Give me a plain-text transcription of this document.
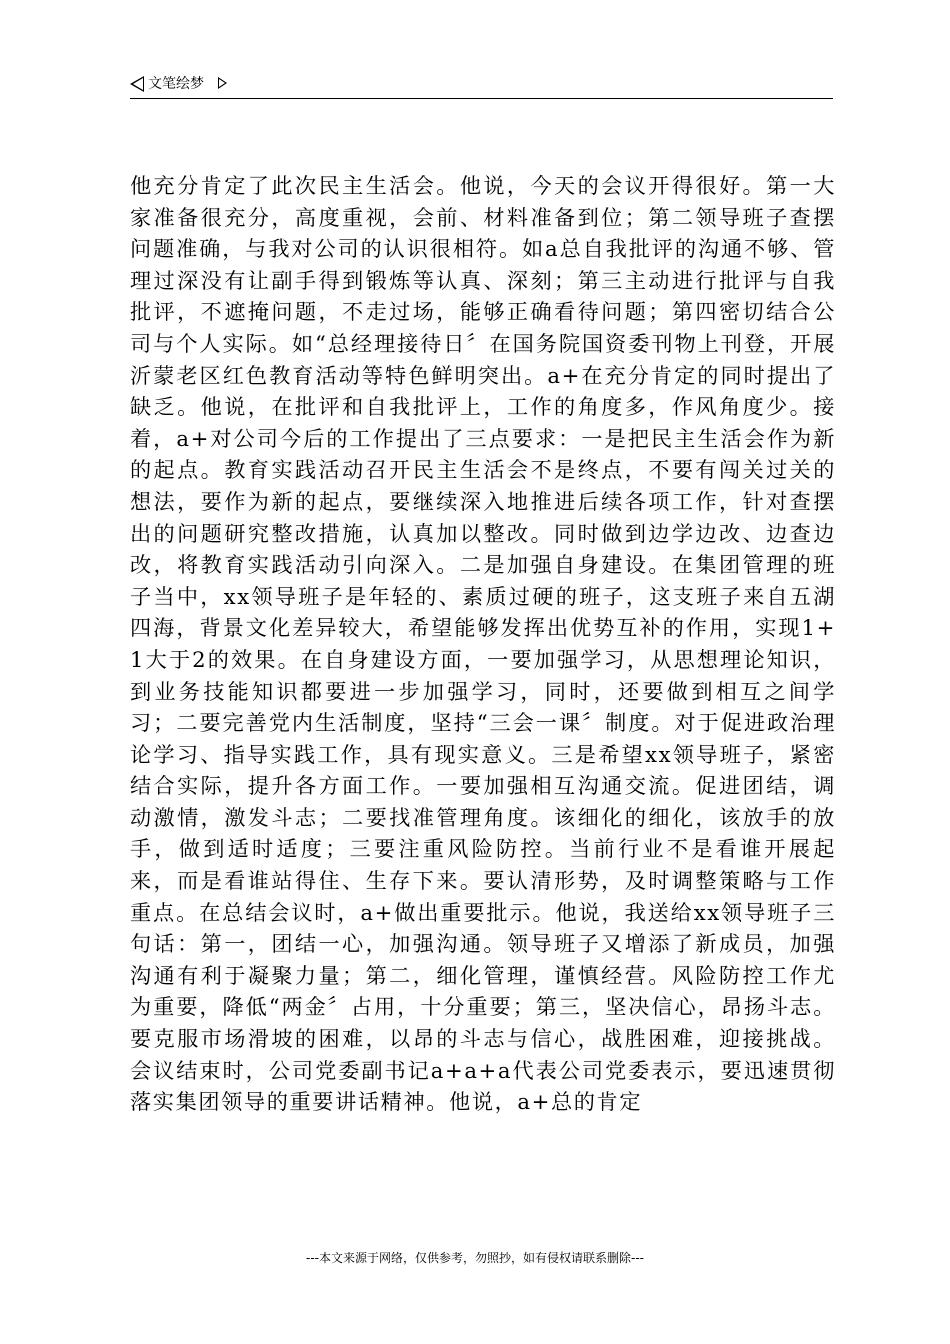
文笔绘梦

他充分肯定了此次民主生活会。他说，今天的会议开得很好。第一大家准备很充分，高度重视，会前、材料准备到位；第二领导班子查摆问题准确，与我对公司的认识很相符。如a总自我批评的沟通不够、管理过深没有让副手得到锻炼等认真、深刻；第三主动进行批评与自我批评，不遮掩问题，不走过场，能够正确看待问题；第四密切结合公司与个人实际。如“总经理接待日〞在国务院国资委刊物上刊登，开展沂蒙老区红色教育活动等特色鲜明突出。a+在充分肯定的同时提出了缺乏。他说，在批评和自我批评上，工作的角度多，作风角度少。接着，a+对公司今后的工作提出了三点要求：一是把民主生活会作为新的起点。教育实践活动召开民主生活会不是终点，不要有闯关过关的想法，要作为新的起点，要继续深入地推进后续各项工作，针对查摆出的问题研究整改措施，认真加以整改。同时做到边学边改、边查边改，将教育实践活动引向深入。二是加强自身建设。在集团管理的班子当中，xx领导班子是年轻的、素质过硬的班子，这支班子来自五湖四海，背景文化差异较大，希望能够发挥出优势互补的作用，实现1+1大于2的效果。在自身建设方面，一要加强学习，从思想理论知识，到业务技能知识都要进一步加强学习，同时，还要做到相互之间学习；二要完善党内生活制度，坚持“三会一课〞制度。对于促进政治理论学习、指导实践工作，具有现实意义。三是希望xx领导班子，紧密结合实际，提升各方面工作。一要加强相互沟通交流。促进团结，调动激情，激发斗志；二要找准管理角度。该细化的细化，该放手的放手，做到适时适度；三要注重风险防控。当前行业不是看谁开展起来，而是看谁站得住、生存下来。要认清形势，及时调整策略与工作重点。在总结会议时，a+做出重要批示。他说，我送给xx领导班子三句话：第一，团结一心，加强沟通。领导班子又增添了新成员，加强沟通有利于凝聚力量；第二，细化管理，谨慎经营。风险防控工作尤为重要，降低“两金〞占用，十分重要；第三，坚决信心，昂扬斗志。要克服市场滑坡的困难，以昂的斗志与信心，战胜困难，迎接挑战。会议结束时，公司党委副书记a+a+a代表公司党委表示，要迅速贯彻落实集团领导的重要讲话精神。他说，a+总的肯定

---本文来源于网络，仅供参考，勿照抄，如有侵权请联系删除---
